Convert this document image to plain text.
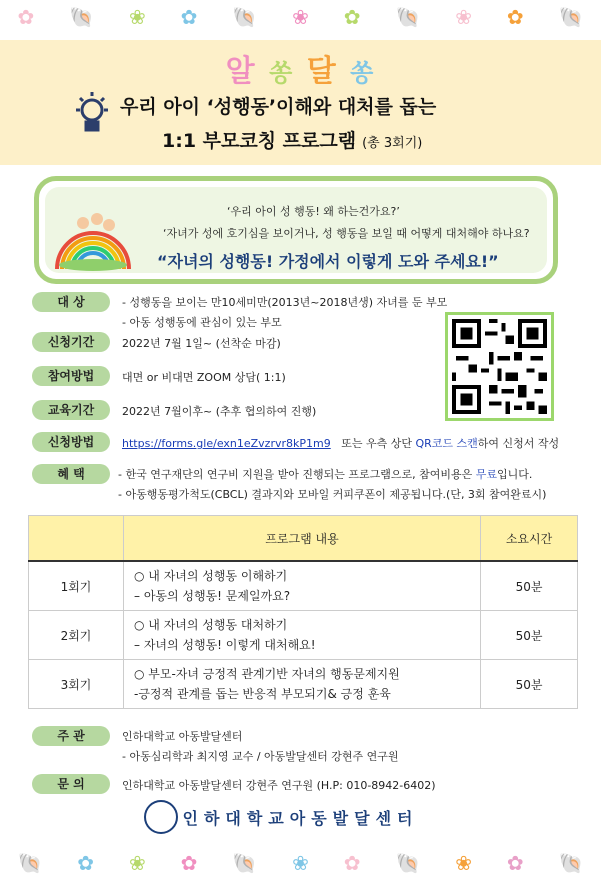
✿ 🐚 ❀ ✿ 🐚 ❀ ✿ 🐚 ❀ ✿ 🐚
알 쏭 달 쏭
우리 아이 ‘성행동’이해와 대처를 돕는
1:1 부모코칭 프로그램 (총 3회기)
‘우리 아이 성 행동! 왜 하는건가요?’
‘자녀가 성에 호기심을 보이거나, 성 행동을 보일 때 어떻게 대처해야 하나요?
“자녀의 성행동! 가정에서 이렇게 도와 주세요!”
대 상	- 성행동을 보이는 만10세미만(2013년~2018년생) 자녀를 둔 부모
- 아동 성행동에 관심이 있는 부모
신청기간	2022년 7월 1일~ (선착순 마감)
참여방법	대면 or 비대면 ZOOM 상담( 1:1)
교육기간	2022년 7월이후~ (추후 협의하여 진행)
신청방법	https://forms.gle/exn1eZvzrvr8kP1m9 또는 우측 상단 QR코드 스캔하여 신청서 작성
혜 택	- 한국 연구재단의 연구비 지원을 받아 진행되는 프로그램으로, 참여비용은 무료입니다.
- 아동행동평가척도(CBCL) 결과지와 모바일 커피쿠폰이 제공됩니다.(단, 3회 참여완료시)
	프로그램 내용	소요시간
1회기	○ 내 자녀의 성행동 이해하기
– 아동의 성행동! 문제일까요?	50분
2회기	○ 내 자녀의 성행동 대처하기
– 자녀의 성행동! 이렇게 대처해요!	50분
3회기	○ 부모-자녀 긍정적 관계기반 자녀의 행동문제지원
-긍정적 관계를 돕는 반응적 부모되기& 긍정 훈육	50분
주 관	인하대학교 아동발달센터
- 아동심리학과 최지영 교수 / 아동발달센터 강현주 연구원
문 의	인하대학교 아동발달센터 강현주 연구원 (H.P: 010-8942-6402)
인하대학교아동발달센터
🐚 ✿ ❀ ✿ 🐚 ❀ ✿ 🐚 ❀ ✿ 🐚
